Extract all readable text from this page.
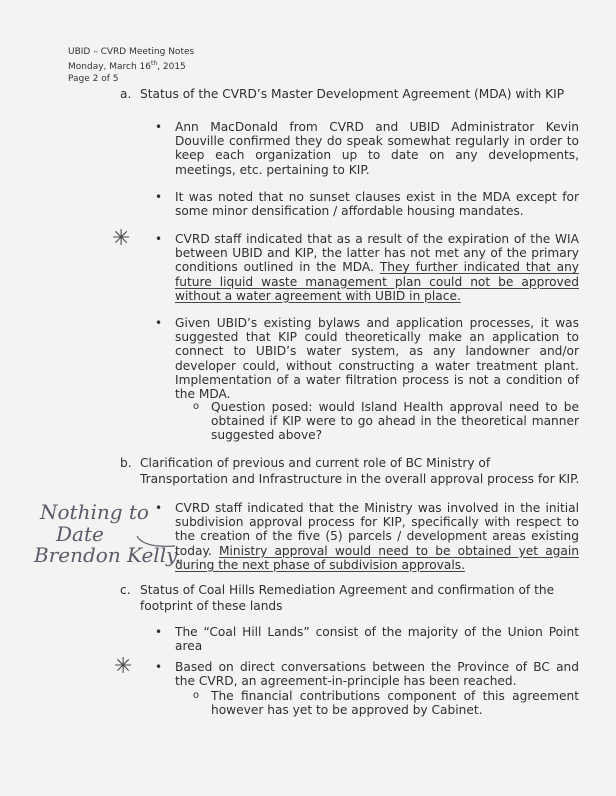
UBID – CVRD Meeting Notes
Monday, March 16th, 2015
Page 2 of 5
a. Status of the CVRD’s Master Development Agreement (MDA) with KIP
• Ann MacDonald from CVRD and UBID Administrator Kevin Douville confirmed they do speak somewhat regularly in order to keep each organization up to date on any developments, meetings, etc. pertaining to KIP.
• It was noted that no sunset clauses exist in the MDA except for some minor densification / affordable housing mandates.
✳ • CVRD staff indicated that as a result of the expiration of the WIA between UBID and KIP, the latter has not met any of the primary conditions outlined in the MDA. They further indicated that any future liquid waste management plan could not be approved without a water agreement with UBID in place.
• Given UBID’s existing bylaws and application processes, it was suggested that KIP could theoretically make an application to connect to UBID’s water system, as any landowner and/or developer could, without constructing a water treatment plant. Implementation of a water filtration process is not a condition of the MDA.
o Question posed: would Island Health approval need to be obtained if KIP were to go ahead in the theoretical manner suggested above?
b. Clarification of previous and current role of BC Ministry of Transportation and Infrastructure in the overall approval process for KIP.
Nothing to
Date
Brendon Kelly.
• CVRD staff indicated that the Ministry was involved in the initial subdivision approval process for KIP, specifically with respect to the creation of the five (5) parcels / development areas existing today. Ministry approval would need to be obtained yet again during the next phase of subdivision approvals.
c. Status of Coal Hills Remediation Agreement and confirmation of the footprint of these lands
• The “Coal Hill Lands” consist of the majority of the Union Point area
✳ • Based on direct conversations between the Province of BC and the CVRD, an agreement-in-principle has been reached.
o The financial contributions component of this agreement however has yet to be approved by Cabinet.
